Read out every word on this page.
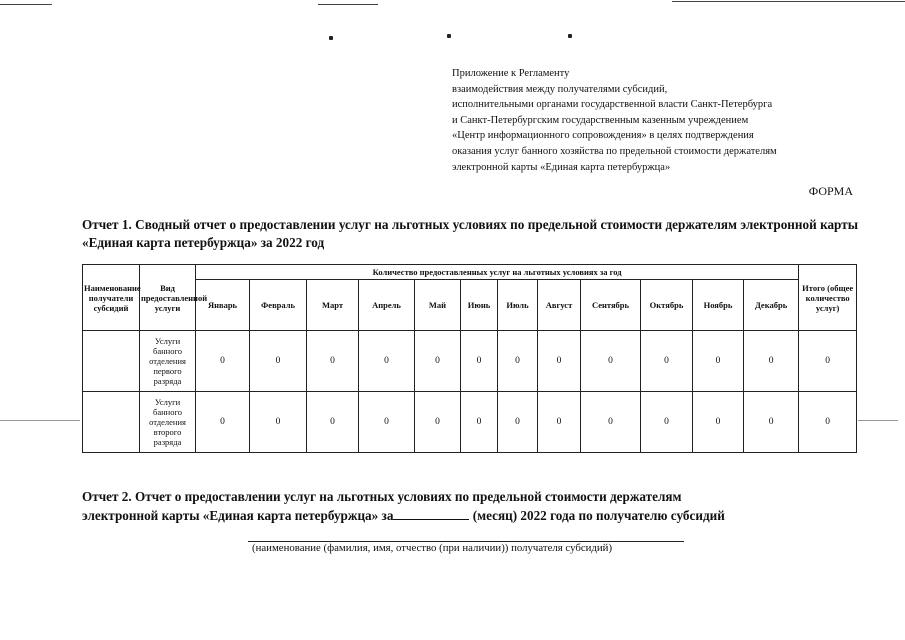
Приложение к Регламенту
взаимодействия между получателями субсидий,
исполнительными органами государственной власти Санкт-Петербурга
и Санкт-Петербургским государственным казенным учреждением
«Центр информационного сопровождения» в целях подтверждения
оказания услуг банного хозяйства по предельной стоимости держателям
электронной карты «Единая карта петербуржца»
ФОРМА
Отчет 1. Сводный отчет о предоставлении услуг на льготных условиях по предельной стоимости держателям электронной карты «Единая карта петербуржца» за 2022 год
Наименование получатели субсидий	Вид предоставленной услуги	Количество предоставленных услуг на льготных условиях за год												Итого (общее количество услуг)
		Январь	Февраль	Март	Апрель	Май	Июнь	Июль	Август	Сентябрь	Октябрь	Ноябрь	Декабрь	
	Услуги банного отделения первого разряда	0	0	0	0	0	0	0	0	0	0	0	0	0
	Услуги банного отделения второго разряда	0	0	0	0	0	0	0	0	0	0	0	0	0
Отчет 2. Отчет о предоставлении услуг на льготных условиях по предельной стоимости держателям
электронной карты «Единая карта петербуржца» за	(месяц) 2022 года по получателю субсидий
(наименование (фамилия, имя, отчество (при наличии)) получателя субсидий)
